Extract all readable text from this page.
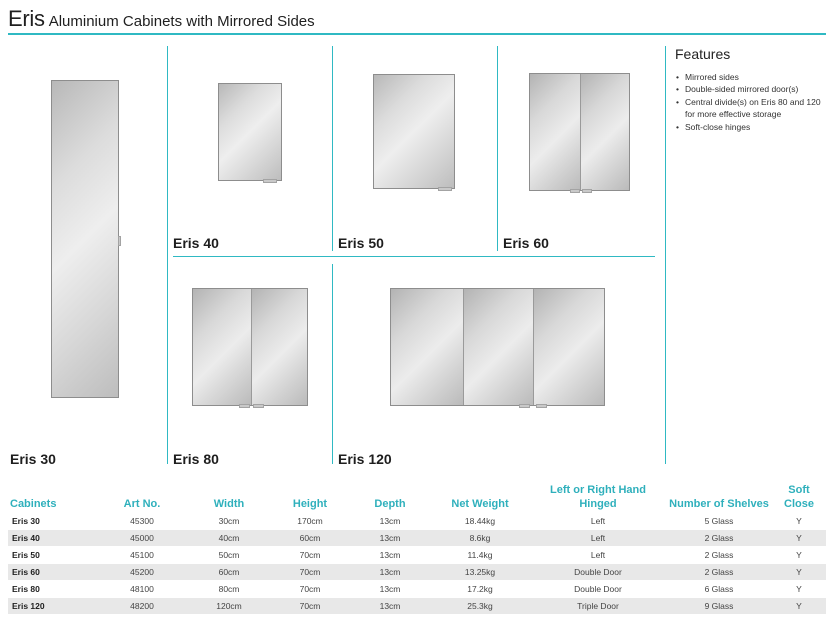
Eris Aluminium Cabinets with Mirrored Sides
Eris 30
Eris 40	Eris 50	Eris 60
Eris 80	Eris 120
Features
• Mirrored sides
• Double-sided mirrored door(s)
• Central divide(s) on Eris 80 and 120 for more effective storage
• Soft-close hinges
Cabinets	Art No.	Width	Height	Depth	Net Weight	Left or Right Hand Hinged	Number of Shelves	Soft Close
Eris 30	45300	30cm	170cm	13cm	18.44kg	Left	5 Glass	Y
Eris 40	45000	40cm	60cm	13cm	8.6kg	Left	2 Glass	Y
Eris 50	45100	50cm	70cm	13cm	11.4kg	Left	2 Glass	Y
Eris 60	45200	60cm	70cm	13cm	13.25kg	Double Door	2 Glass	Y
Eris 80	48100	80cm	70cm	13cm	17.2kg	Double Door	6 Glass	Y
Eris 120	48200	120cm	70cm	13cm	25.3kg	Triple Door	9 Glass	Y
